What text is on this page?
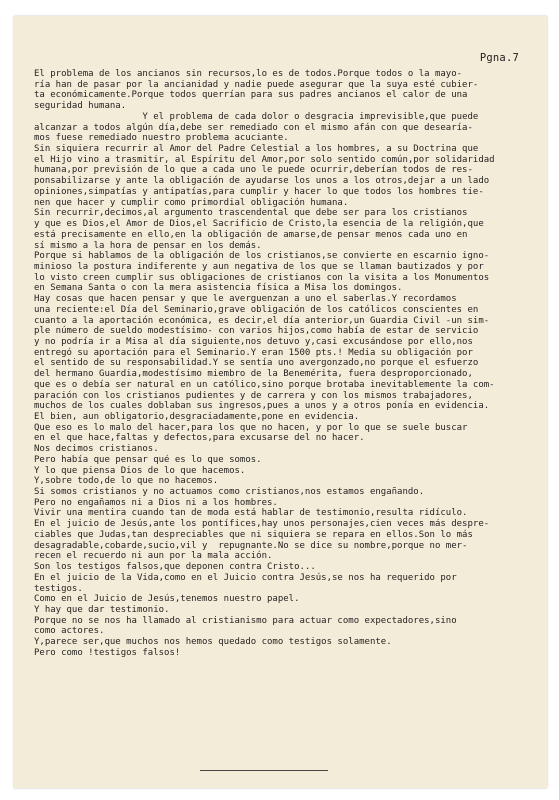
Pgna.7
El problema de los ancianos sin recursos,lo es de todos.Porque todos o la mayo-
ría han de pasar por la ancianidad y nadie puede asegurar que la suya esté cubier-
ta económicamente.Porque todos querrían para sus padres ancianos el calor de una
seguridad humana.
Y el problema de cada dolor o desgracia imprevisible,que puede
alcanzar a todos algún día,debe ser remediado con el mismo afán con que desearía-
mos fuese remediado nuestro problema acuciante.
Sin siquiera recurrir al Amor del Padre Celestial a los hombres, a su Doctrina que
el Hijo vino a trasmitir, al Espíritu del Amor,por solo sentido común,por solidaridad
humana,por previsión de lo que a cada uno le puede ocurrir,deberían todos de res-
ponsabilizarse y ante la obligación de ayudarse los unos a los otros,dejar a un lado
opiniones,simpatías y antipatías,para cumplir y hacer lo que todos los hombres tie-
nen que hacer y cumplir como primordial obligación humana.
Sin recurrir,decimos,al argumento trascendental que debe ser para los cristianos
y que es Dios,el Amor de Dios,el Sacrificio de Cristo,la esencia de la religión,que
está precisamente en ello,en la obligación de amarse,de pensar menos cada uno en
sí mismo a la hora de pensar en los demás.
Porque si hablamos de la obligación de los cristianos,se convierte en escarnio igno-
minioso la postura indiferente y aun negativa de los que se llaman bautizados y por
lo visto creen cumplir sus obligaciones de cristianos con la visita a los Monumentos
en Semana Santa o con la mera asistencia física a Misa los domingos.
Hay cosas que hacen pensar y que le averguenzan a uno el saberlas.Y recordamos
una reciente:el Día del Seminario,grave obligación de los católicos conscientes en
cuanto a la aportación económica, es decir,el día anterior,un Guardia Civil -un sim-
ple número de sueldo modestísimo- con varios hijos,como había de estar de servicio
y no podría ir a Misa al día siguiente,nos detuvo y,casi excusándose por ello,nos
entregó su aportación para el Seminario.Y eran 1500 pts.! Media su obligación por
el sentido de su responsabilidad.Y se sentía uno avergonzado,no porque el esfuerzo
del hermano Guardia,modestísimo miembro de la Benemérita, fuera desproporcionado,
que es o debía ser natural en un católico,sino porque brotaba inevitablemente la com-
paración con los cristianos pudientes y de carrera y con los mismos trabajadores,
muchos de los cuales doblaban sus ingresos,pues a unos y a otros ponía en evidencia.
El bien, aun obligatorio,desgraciadamente,pone en evidencia.
Que eso es lo malo del hacer,para los que no hacen, y por lo que se suele buscar
en el que hace,faltas y defectos,para excusarse del no hacer.
Nos decimos cristianos.
Pero había que pensar qué es lo que somos.
Y lo que piensa Dios de lo que hacemos.
Y,sobre todo,de lo que no hacemos.
Si somos cristianos y no actuamos como cristianos,nos estamos engañando.
Pero no engañamos ni a Dios ni a los hombres.
Vivir una mentira cuando tan de moda está hablar de testimonio,resulta ridículo.
En el juicio de Jesús,ante los pontífices,hay unos personajes,cien veces más despre-
ciables que Judas,tan despreciables que ni siquiera se repara en ellos.Son lo más
desagradable,cobarde,sucio,vil y  repugnante.No se dice su nombre,porque no mer-
recen el recuerdo ni aun por la mala acción.
Son los testigos falsos,que deponen contra Cristo...
En el juicio de la Vida,como en el Juicio contra Jesús,se nos ha requerido por
testigos.
Como en el Juicio de Jesús,tenemos nuestro papel.
Y hay que dar testimonio.
Porque no se nos ha llamado al cristianismo para actuar como expectadores,sino
como actores.
Y,parece ser,que muchos nos hemos quedado como testigos solamente.
Pero como !testigos falsos!
